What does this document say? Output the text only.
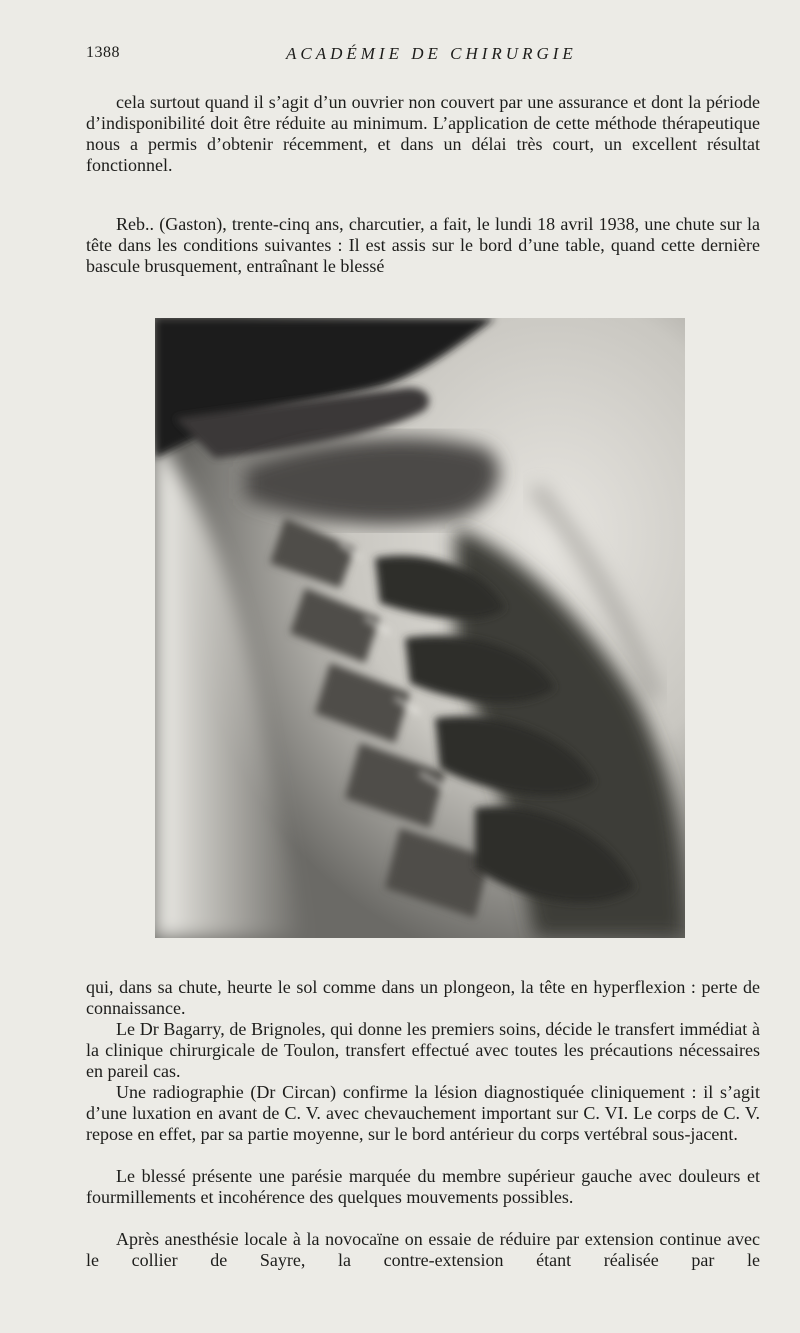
1388	ACADÉMIE DE CHIRURGIE

cela surtout quand il s’agit d’un ouvrier non couvert par une assurance et dont la période d’indisponibilité doit être réduite au minimum. L’application de cette méthode thérapeutique nous a permis d’obtenir récemment, et dans un délai très court, un excellent résultat fonctionnel.

Reb.. (Gaston), trente-cinq ans, charcutier, a fait, le lundi 18 avril 1938, une chute sur la tête dans les conditions suivantes : Il est assis sur le bord d’une table, quand cette dernière bascule brusquement, entraînant le blessé

qui, dans sa chute, heurte le sol comme dans un plongeon, la tête en hyperflexion : perte de connaissance.

Le Dr Bagarry, de Brignoles, qui donne les premiers soins, décide le transfert immédiat à la clinique chirurgicale de Toulon, transfert effectué avec toutes les précautions nécessaires en pareil cas.

Une radiographie (Dr Circan) confirme la lésion diagnostiquée cliniquement : il s’agit d’une luxation en avant de C. V. avec chevauchement important sur C. VI. Le corps de C. V. repose en effet, par sa partie moyenne, sur le bord antérieur du corps vertébral sous-jacent.

Le blessé présente une parésie marquée du membre supérieur gauche avec douleurs et fourmillements et incohérence des quelques mouvements possibles.

Après anesthésie locale à la novocaïne on essaie de réduire par extension continue avec le collier de Sayre, la contre-extension étant réalisée par le
